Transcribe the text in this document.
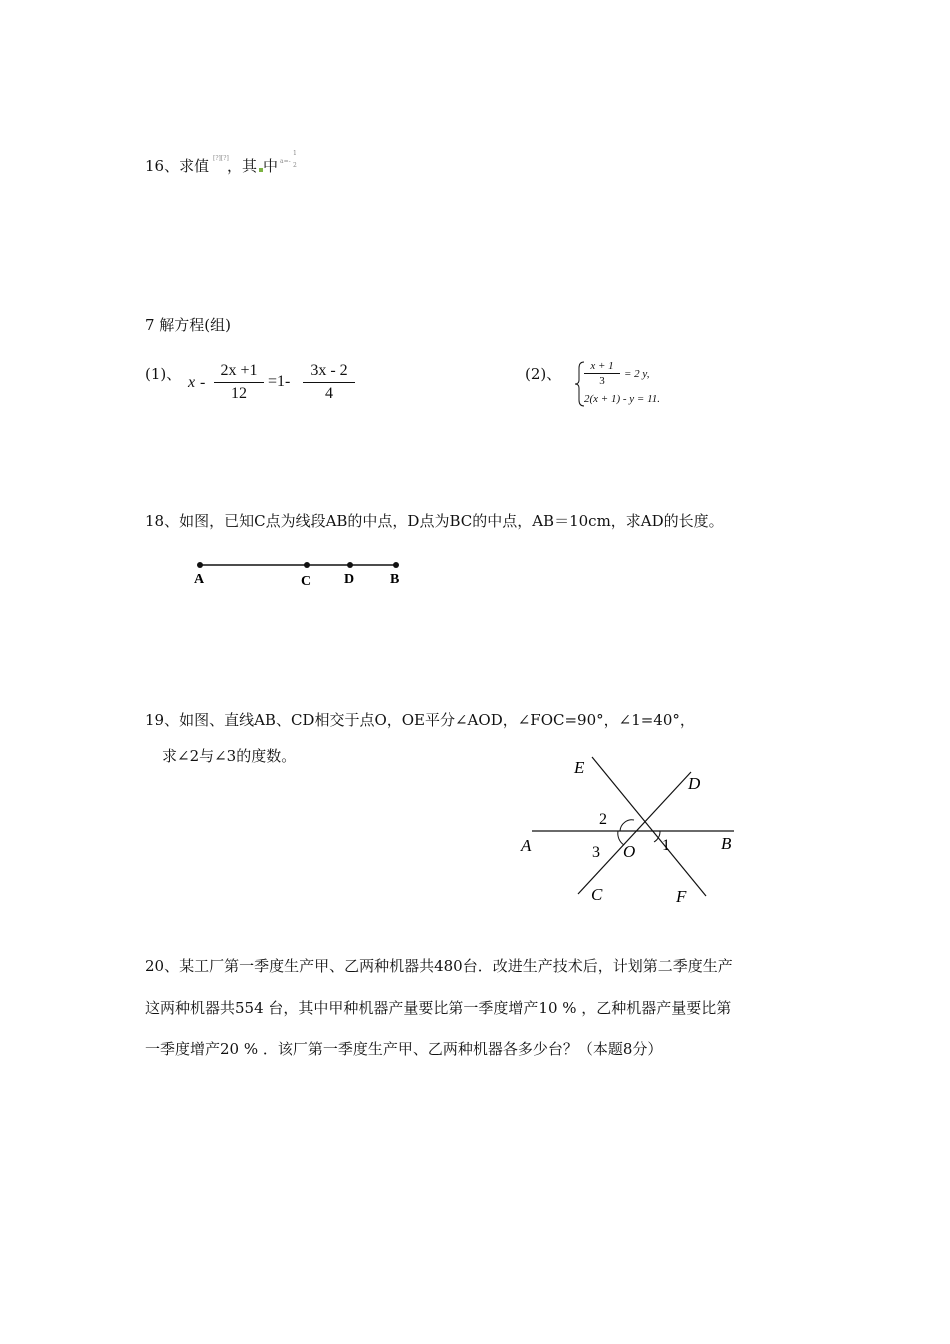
16、求值 [?][?]
，其 中 a=-
1
2
7 解方程(组)
(1)、 x -
2x +1
12
=1-
3x - 2
4
(2)、	x + 1
3
= 2 y,
2(x + 1) - y = 11.
18、如图，已知C点为线段AB的中点，D点为BC的中点，AB＝10cm，求AD的长度。
A	C D	B
19、如图、直线AB、CD相交于点O，OE平分∠AOD，∠FOC=90°，∠1=40°，
求∠2与∠3的度数。
E
D
A	B
C	F
O 1
2
3
20、某工厂第一季度生产甲、乙两种机器共480台．改进生产技术后，计划第二季度生产
这两种机器共554 台，其中甲种机器产量要比第一季度增产10 % ，乙种机器产量要比第
一季度增产20 % ．该厂第一季度生产甲、乙两种机器各多少台？（本题8分）
